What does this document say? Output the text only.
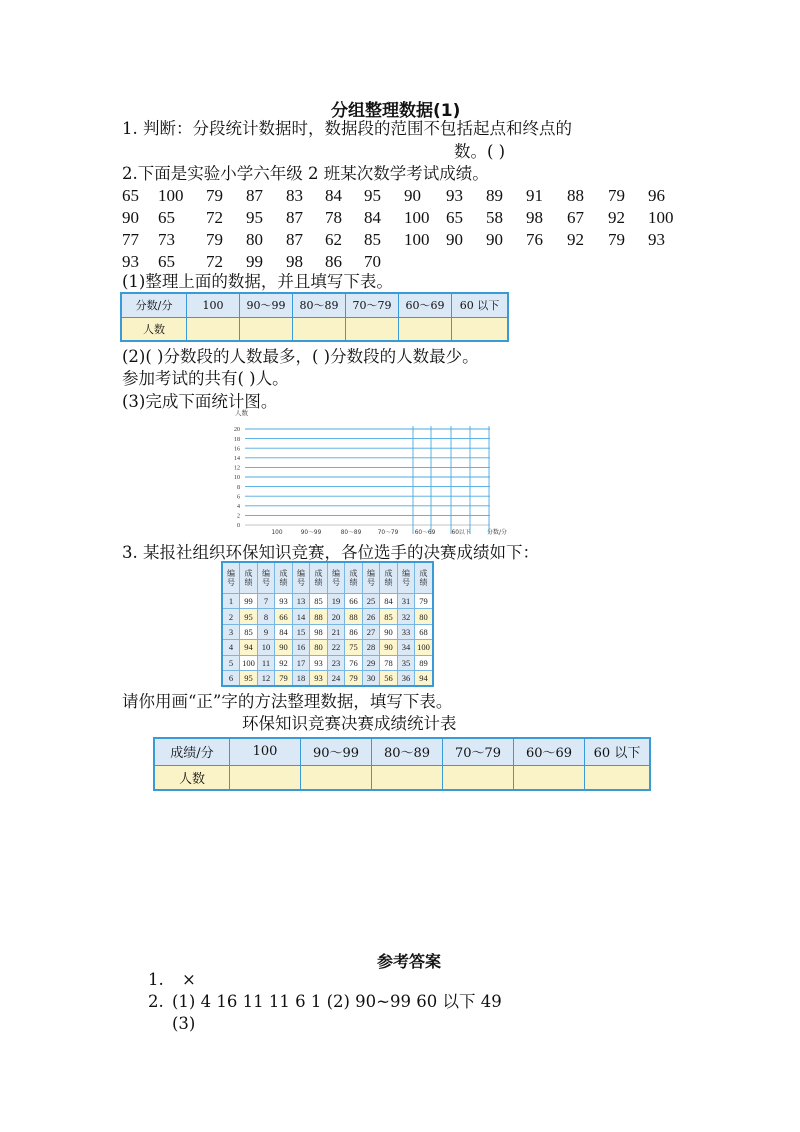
分组整理数据(1)
1. 判断：分段统计数据时，数据段的范围不包括起点和终点的
数。( )
2.下面是实验小学六年级 2 班某次数学考试成绩。
65 100 79 87 83 84 95 90 93 89 91 88 79 96
90 65 72 95 87 78 84 100 65 58 98 67 92 100
77 73 79 80 87 62 85 100 90 90 76 92 79 93
93 65 72 99 98 86 70
(1)整理上面的数据，并且填写下表。
分数/分	100	90～99	80～89	70～79	60～69	60 以下
人数						
(2)( )分数段的人数最多，( )分数段的人数最少。
参加考试的共有( )人。
(3)完成下面统计图。
人数
0
2
4
6
8
10
12
14
16
18
20
100	90～99	80～89	70～79	60～69	60以下	分数/分
3. 某报社组织环保知识竞赛，各位选手的决赛成绩如下：
编
号	成
绩	编
号	成
绩	编
号	成
绩	编
号	成
绩	编
号	成
绩	编
号	成
绩
1	99	7	93	13	85	19	66	25	84	31	79
2	95	8	66	14	88	20	88	26	85	32	80
3	85	9	84	15	98	21	86	27	90	33	68
4	94	10	90	16	80	22	75	28	90	34	100
5	100	11	92	17	93	23	76	29	78	35	89
6	95	12	79	18	93	24	79	30	56	36	94
请你用画“正”字的方法整理数据，填写下表。
环保知识竞赛决赛成绩统计表
成绩/分	100	90～99	80～89	70～79	60～69	60 以下
人数						
参考答案
1. ×
2. (1) 4 16 11 11 6 1 (2) 90~99 60 以下 49
(3)
